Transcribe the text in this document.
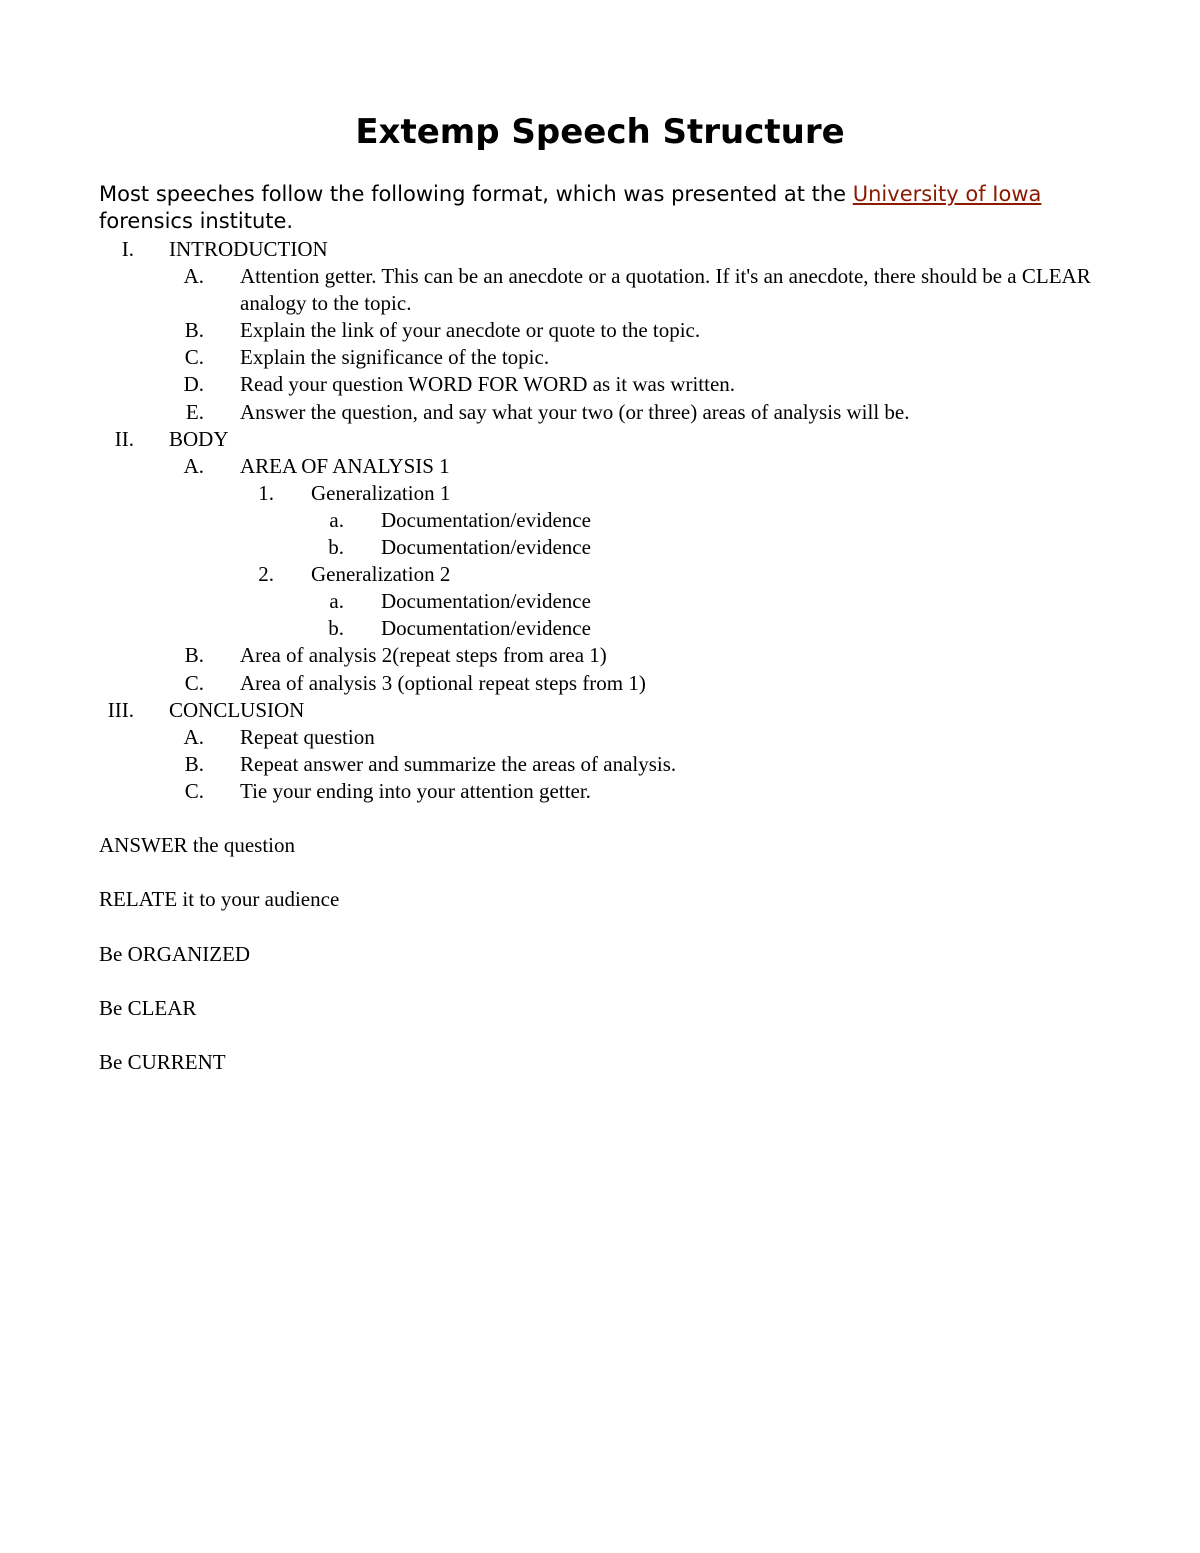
Extemp Speech Structure

Most speeches follow the following format, which was presented at the University of Iowa forensics institute.

I. INTRODUCTION
A. Attention getter. This can be an anecdote or a quotation. If it's an anecdote, there should be a CLEAR analogy to the topic.
B. Explain the link of your anecdote or quote to the topic.
C. Explain the significance of the topic.
D. Read your question WORD FOR WORD as it was written.
E. Answer the question, and say what your two (or three) areas of analysis will be.
II. BODY
A. AREA OF ANALYSIS 1
1. Generalization 1
a. Documentation/evidence
b. Documentation/evidence
2. Generalization 2
a. Documentation/evidence
b. Documentation/evidence
B. Area of analysis 2(repeat steps from area 1)
C. Area of analysis 3 (optional repeat steps from 1)
III. CONCLUSION
A. Repeat question
B. Repeat answer and summarize the areas of analysis.
C. Tie your ending into your attention getter.
ANSWER the question
RELATE it to your audience
Be ORGANIZED
Be CLEAR
Be CURRENT
